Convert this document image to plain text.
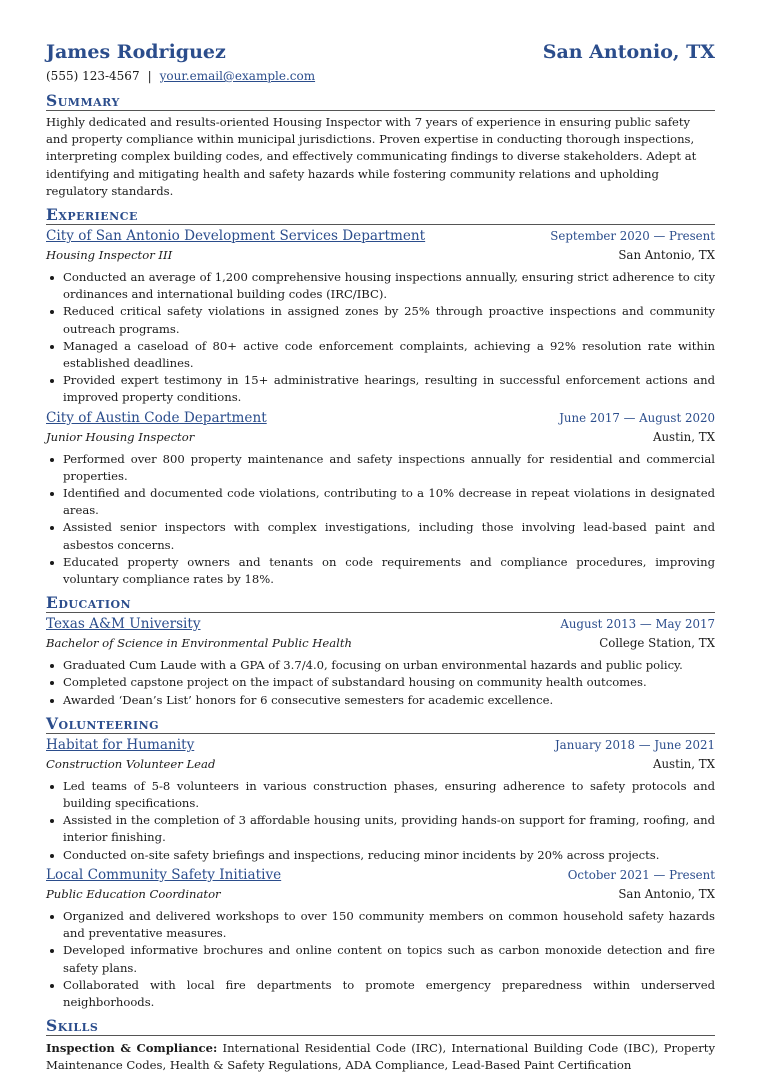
James Rodriguez	San Antonio, TX
(555) 123-4567 | your.email@example.com
Summary
Highly dedicated and results-oriented Housing Inspector with 7 years of experience in ensuring public safety and property compliance within municipal jurisdictions. Proven expertise in conducting thorough inspections, interpreting complex building codes, and effectively communicating findings to diverse stakeholders. Adept at identifying and mitigating health and safety hazards while fostering community relations and upholding regulatory standards.
Experience
City of San Antonio Development Services Department	September 2020 — Present
Housing Inspector III	San Antonio, TX
Conducted an average of 1,200 comprehensive housing inspections annually, ensuring strict adherence to city ordinances and international building codes (IRC/IBC).
Reduced critical safety violations in assigned zones by 25% through proactive inspections and community outreach programs.
Managed a caseload of 80+ active code enforcement complaints, achieving a 92% resolution rate within established deadlines.
Provided expert testimony in 15+ administrative hearings, resulting in successful enforcement actions and improved property conditions.
City of Austin Code Department	June 2017 — August 2020
Junior Housing Inspector	Austin, TX
Performed over 800 property maintenance and safety inspections annually for residential and commercial properties.
Identified and documented code violations, contributing to a 10% decrease in repeat violations in designated areas.
Assisted senior inspectors with complex investigations, including those involving lead-based paint and asbestos concerns.
Educated property owners and tenants on code requirements and compliance procedures, improving voluntary compliance rates by 18%.
Education
Texas A&M University	August 2013 — May 2017
Bachelor of Science in Environmental Public Health	College Station, TX
Graduated Cum Laude with a GPA of 3.7/4.0, focusing on urban environmental hazards and public policy.
Completed capstone project on the impact of substandard housing on community health outcomes.
Awarded ‘Dean’s List’ honors for 6 consecutive semesters for academic excellence.
Volunteering
Habitat for Humanity	January 2018 — June 2021
Construction Volunteer Lead	Austin, TX
Led teams of 5-8 volunteers in various construction phases, ensuring adherence to safety protocols and building specifications.
Assisted in the completion of 3 affordable housing units, providing hands-on support for framing, roofing, and interior finishing.
Conducted on-site safety briefings and inspections, reducing minor incidents by 20% across projects.
Local Community Safety Initiative	October 2021 — Present
Public Education Coordinator	San Antonio, TX
Organized and delivered workshops to over 150 community members on common household safety hazards and preventative measures.
Developed informative brochures and online content on topics such as carbon monoxide detection and fire safety plans.
Collaborated with local fire departments to promote emergency preparedness within underserved neighborhoods.
Skills
Inspection & Compliance: International Residential Code (IRC), International Building Code (IBC), Property Maintenance Codes, Health & Safety Regulations, ADA Compliance, Lead-Based Paint Certification
